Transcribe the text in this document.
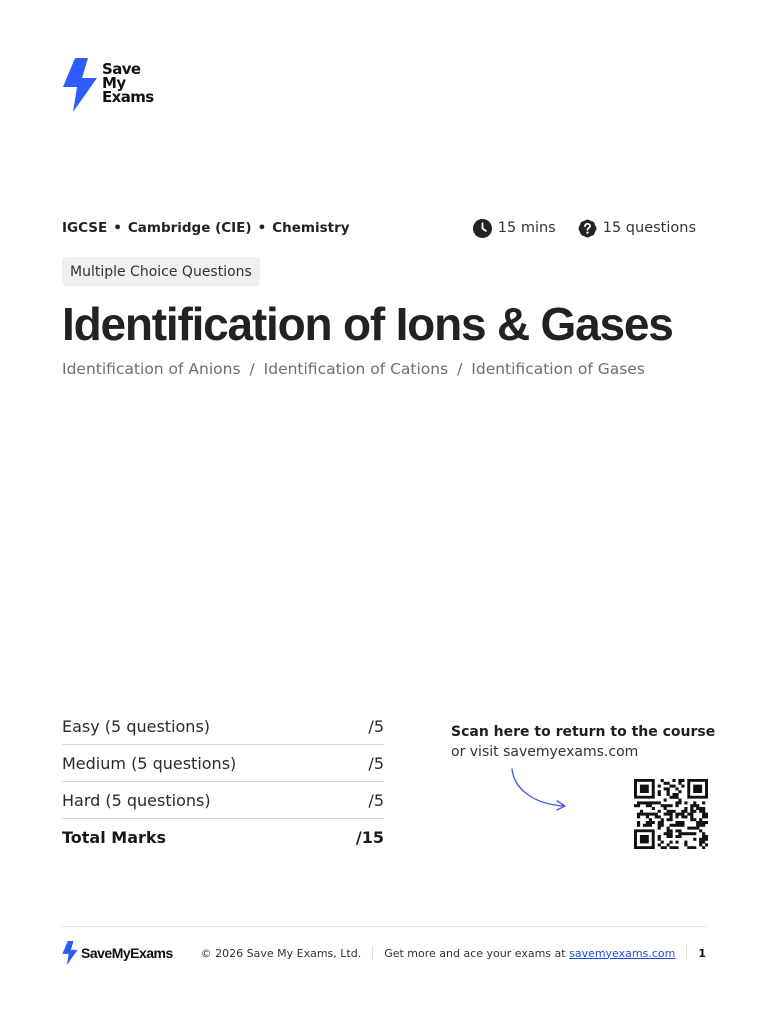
Save
My
Exams
IGCSE • Cambridge (CIE) • Chemistry	15 mins	15 questions
Multiple Choice Questions
Identification of Ions & Gases
Identification of Anions / Identification of Cations / Identification of Gases
Easy (5 questions)	/5
Medium (5 questions)	/5
Hard (5 questions)	/5
Total Marks	/15
Scan here to return to the course
or visit savemyexams.com
SaveMyExams	© 2026 Save My Exams, Ltd. Get more and ace your exams at
savemyexams.com 1
